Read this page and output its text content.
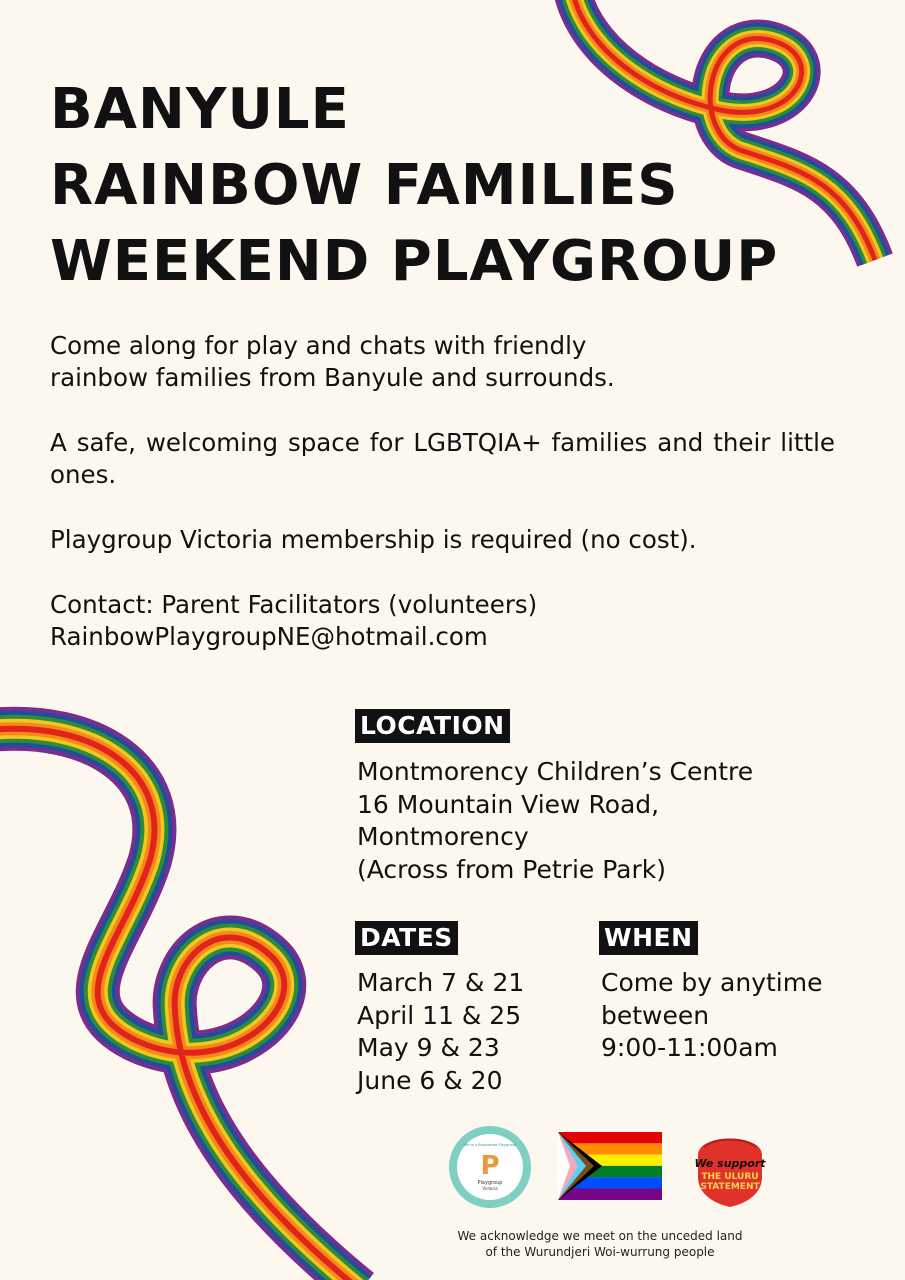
BANYULE
RAINBOW FAMILIES
WEEKEND PLAYGROUP

Come along for play and chats with friendly rainbow families from Banyule and surrounds.

A safe, welcoming space for LGBTQIA+ families and their little ones.

Playgroup Victoria membership is required (no cost).

Contact: Parent Facilitators (volunteers)
RainbowPlaygroupNE@hotmail.com

LOCATION
Montmorency Children’s Centre
16 Mountain View Road,
Montmorency
(Across from Petrie Park)
DATES
March 7 & 21
April 11 & 25
May 9 & 23
June 6 & 20
WHEN
Come by anytime
between
9:00-11:00am
We're a Registered Playgroup
P
Playgroup
Victoria
We support
THE ULURU
STATEMENT
We acknowledge we meet on the unceded land
of the Wurundjeri Woi-wurrung people
